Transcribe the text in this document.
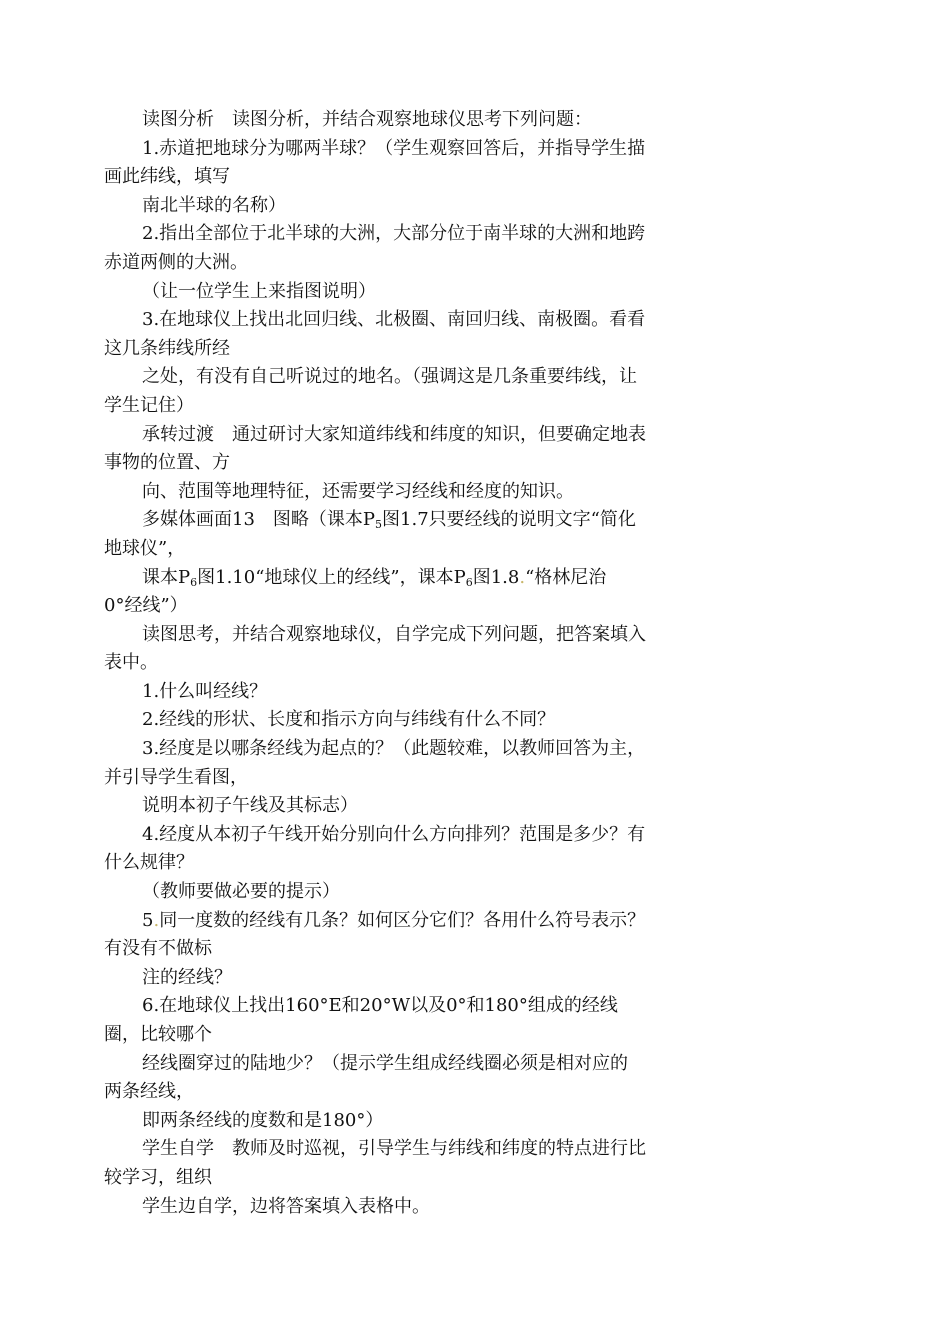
读图分析　读图分析，并结合观察地球仪思考下列问题：
1.赤道把地球分为哪两半球？（学生观察回答后，并指导学生描
画此纬线，填写
南北半球的名称）
2.指出全部位于北半球的大洲，大部分位于南半球的大洲和地跨
赤道两侧的大洲。
（让一位学生上来指图说明）
3.在地球仪上找出北回归线、北极圈、南回归线、南极圈。看看
这几条纬线所经
之处，有没有自己听说过的地名。（强调这是几条重要纬线，让
学生记住）
承转过渡　通过研讨大家知道纬线和纬度的知识，但要确定地表
事物的位置、方
向、范围等地理特征，还需要学习经线和经度的知识。
多媒体画面13　图略（课本$P_5$图1.7只要经线的说明文字“简化
地球仪”，
课本$P_6$图1.10“地球仪上的经线”，课本$P_6$图1.8.“格林尼治
0°经线”）
读图思考，并结合观察地球仪，自学完成下列问题，把答案填入
表中。
1.什么叫经线？
2.经线的形状、长度和指示方向与纬线有什么不同？
3.经度是以哪条经线为起点的？（此题较难，以教师回答为主，
并引导学生看图，
说明本初子午线及其标志）
4.经度从本初子午线开始分别向什么方向排列？范围是多少？有
什么规律？
（教师要做必要的提示）
5.同一度数的经线有几条？如何区分它们？各用什么符号表示？
有没有不做标
注的经线？
6.在地球仪上找出160°E和20°W以及0°和180°组成的经线
圈，比较哪个
经线圈穿过的陆地少？（提示学生组成经线圈必须是相对应的
两条经线，
即两条经线的度数和是180°）
学生自学　教师及时巡视，引导学生与纬线和纬度的特点进行比
较学习，组织
学生边自学，边将答案填入表格中。
